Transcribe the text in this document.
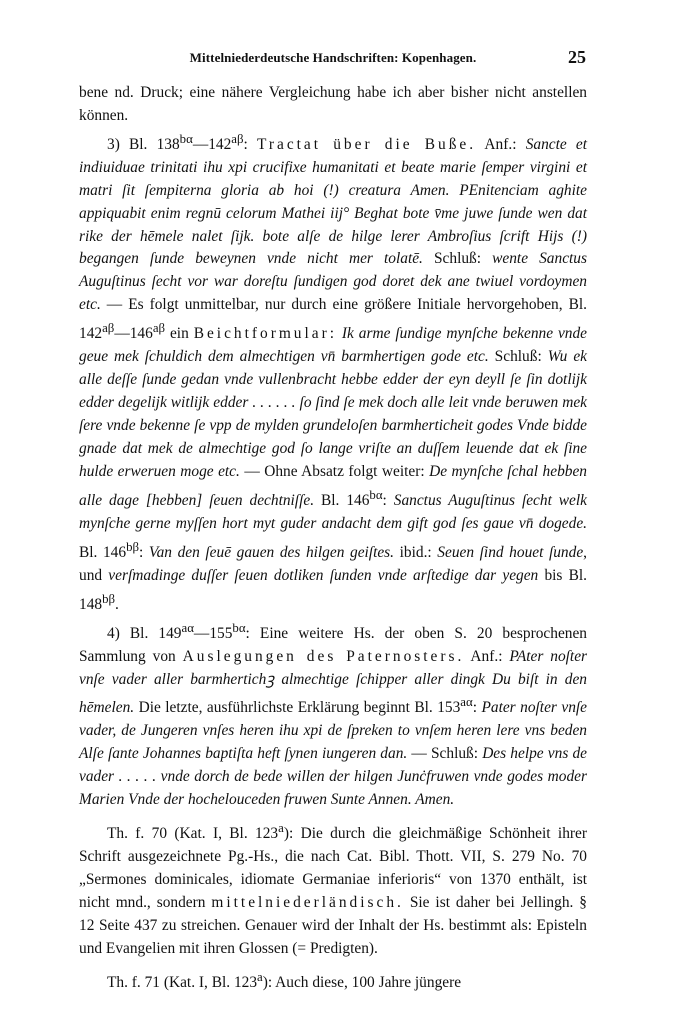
Mittelniederdeutsche Handschriften: Kopenhagen.	25

bene nd. Druck; eine nähere Vergleichung habe ich aber bisher nicht anstellen können.

3) Bl. $138^{b\alpha}—142^{a\beta}$: Tractat über die Buße. Anf.: Sancte et indiuiduae trinitati ihu xpi crucifixe humanitati et beate marie ſemper virgini et matri ſit ſempiterna gloria ab hoi (!) creatura Amen. PEnitenciam aghite appiquabit enim regnū celorum Mathei iij° Beghat bote v̄me juwe ſunde wen dat rike der hēmele nalet ſijk. bote alſe de hilge lerer Ambroſius ſcrift Hijs (!) begangen ſunde beweynen vnde nicht mer tolatē. Schluß: wente Sanctus Auguſtinus ſecht vor war doreſtu ſundigen god doret dek ane twiuel vordoymen etc. — Es folgt unmittelbar, nur durch eine größere Initiale hervorgehoben, Bl. $142^{a\beta}—146^{a\beta}$ ein Beichtformular: Ik arme ſundige mynſche bekenne vnde geue mek ſchuldich dem almechtigen vn̄ barmhertigen gode etc. Schluß: Wu ek alle deſſe ſunde gedan vnde vullenbracht hebbe edder der eyn deyll ſe ſin dotlijk edder degelijk witlijk edder . . . . . . ſo ſind ſe mek doch alle leit vnde beruwen mek ſere vnde bekenne ſe vpp de mylden grundeloſen barmherticheit godes Vnde bidde gnade dat mek de almechtige god ſo lange vriſte an duſſem leuende dat ek ſine hulde erweruen moge etc. — Ohne Absatz folgt weiter: De mynſche ſchal hebben alle dage [hebben] ſeuen dechtniſſe. Bl. $146^{b\alpha}$: Sanctus Auguſtinus ſecht welk mynſche gerne myſſen hort myt guder andacht dem gift god ſes gaue vn̄ dogede. Bl. $146^{b\beta}$: Van den ſeuē gauen des hilgen geiſtes. ibid.: Seuen ſind houet ſunde, und verſmadinge duſſer ſeuen dotliken ſunden vnde arſtedige dar yegen bis Bl. $148^{b\beta}$.

4) Bl. $149^{a\alpha}—155^{b\alpha}$: Eine weitere Hs. der oben S. 20 besprochenen Sammlung von Auslegungen des Paternosters. Anf.: PAter noſter vnſe vader aller barmhertichꝫ almechtige ſchipper aller dingk Du biſt in den hēmelen. Die letzte, ausführlichste Erklärung beginnt Bl. $153^{a\alpha}$: Pater noſter vnſe vader, de Jungeren vnſes heren ihu xpi de ſpreken to vnſem heren lere vns beden Alſe ſante Johannes baptiſta heft ſynen iungeren dan. — Schluß: Des helpe vns de vader . . . . . vnde dorch de bede willen der hilgen Junċfruwen vnde godes moder Marien Vnde der hochelouceden fruwen Sunte Annen. Amen.

Th. f. 70 (Kat. I, Bl. 123$^a$): Die durch die gleichmäßige Schönheit ihrer Schrift ausgezeichnete Pg.-Hs., die nach Cat. Bibl. Thott. VII, S. 279 No. 70 „Sermones dominicales, idiomate Germaniae inferioris“ von 1370 enthält, ist nicht mnd., sondern mittelniederländisch. Sie ist daher bei Jellingh. § 12 Seite 437 zu streichen. Genauer wird der Inhalt der Hs. bestimmt als: Episteln und Evangelien mit ihren Glossen (= Predigten).

Th. f. 71 (Kat. I, Bl. 123$^a$): Auch diese, 100 Jahre jüngere
